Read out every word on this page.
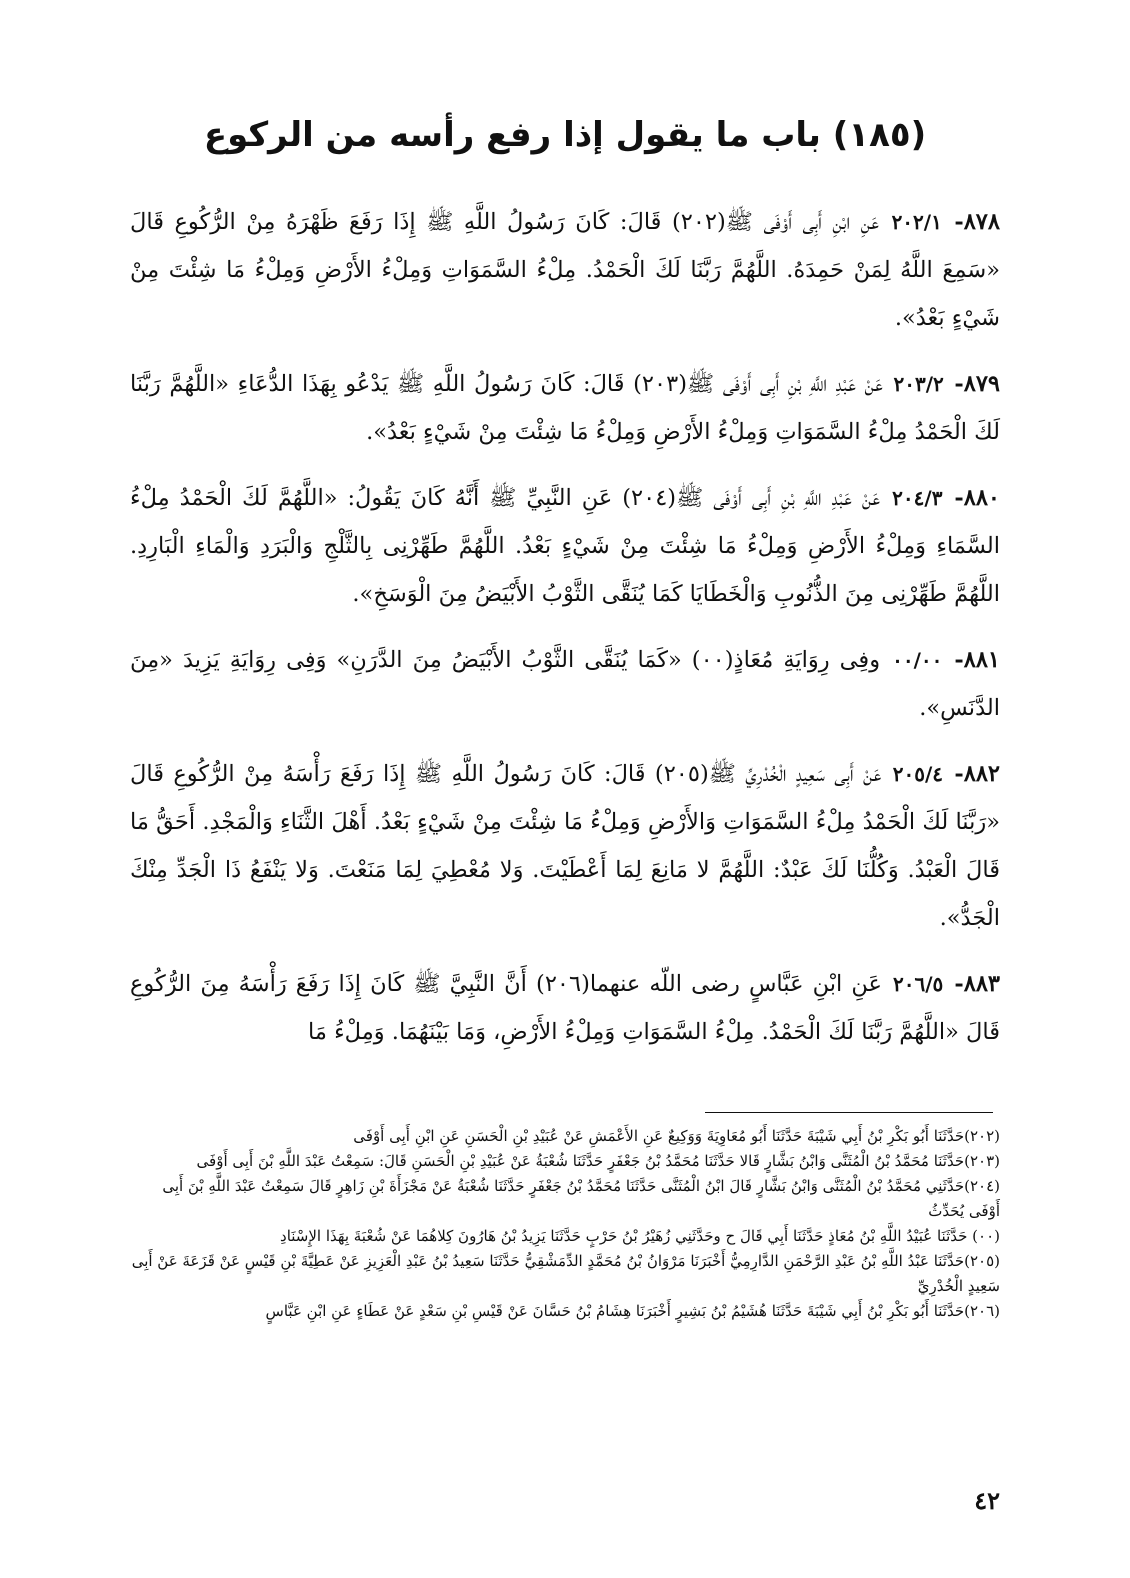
(١٨٥) باب ما يقول إذا رفع رأسه من الركوع

٨٧٨- ٢٠٢/١ عَنِ ابْنِ أَبِى أَوْفَى ﷺ(٢٠٢) قَالَ: كَانَ رَسُولُ اللَّهِ ﷺ إِذَا رَفَعَ ظَهْرَهُ مِنْ الرُّكُوعِ قَالَ «سَمِعَ اللَّهُ لِمَنْ حَمِدَهُ. اللَّهُمَّ رَبَّنَا لَكَ الْحَمْدُ. مِلْءُ السَّمَوَاتِ وَمِلْءُ الأَرْضِ وَمِلْءُ مَا شِئْتَ مِنْ شَيْءٍ بَعْدُ».

٨٧٩- ٢٠٣/٢ عَنْ عَبْدِ اللَّهِ بْنِ أَبِى أَوْفَى ﷺ(٢٠٣) قَالَ: كَانَ رَسُولُ اللَّهِ ﷺ يَدْعُو بِهَذَا الدُّعَاءِ «اللَّهُمَّ رَبَّنَا لَكَ الْحَمْدُ مِلْءُ السَّمَوَاتِ وَمِلْءُ الأَرْضِ وَمِلْءُ مَا شِئْتَ مِنْ شَيْءٍ بَعْدُ».

٨٨٠- ٢٠٤/٣ عَنْ عَبْدِ اللَّهِ بْنِ أَبِى أَوْفَى ﷺ(٢٠٤) عَنِ النَّبِيِّ ﷺ أَنَّهُ كَانَ يَقُولُ: «اللَّهُمَّ لَكَ الْحَمْدُ مِلْءُ السَّمَاءِ وَمِلْءُ الأَرْضِ وَمِلْءُ مَا شِئْتَ مِنْ شَيْءٍ بَعْدُ. اللَّهُمَّ طَهِّرْنِى بِالثَّلْجِ وَالْبَرَدِ وَالْمَاءِ الْبَارِدِ. اللَّهُمَّ طَهِّرْنِى مِنَ الذُّنُوبِ وَالْخَطَايَا كَمَا يُنَقَّى الثَّوْبُ الأَبْيَضُ مِنَ الْوَسَخِ».

٨٨١- ٠٠/٠٠ وفِى رِوَايَةِ مُعَاذٍ(٠٠) «كَمَا يُنَقَّى الثَّوْبُ الأَبْيَضُ مِنَ الدَّرَنِ» وَفِى رِوَايَةِ يَزِيدَ «مِنَ الدَّنَسِ».

٨٨٢- ٢٠٥/٤ عَنْ أَبِى سَعِيدٍ الْخُدْرِيِّ ﷺ(٢٠٥) قَالَ: كَانَ رَسُولُ اللَّهِ ﷺ إِذَا رَفَعَ رَأْسَهُ مِنْ الرُّكُوعِ قَالَ «رَبَّنَا لَكَ الْحَمْدُ مِلْءُ السَّمَوَاتِ وَالأَرْضِ وَمِلْءُ مَا شِئْتَ مِنْ شَيْءٍ بَعْدُ. أَهْلَ الثَّنَاءِ وَالْمَجْدِ. أَحَقُّ مَا قَالَ الْعَبْدُ. وَكُلُّنَا لَكَ عَبْدٌ: اللَّهُمَّ لا مَانِعَ لِمَا أَعْطَيْتَ. وَلا مُعْطِيَ لِمَا مَنَعْتَ. وَلا يَنْفَعُ ذَا الْجَدِّ مِنْكَ الْجَدُّ».

٨٨٣- ٢٠٦/٥ عَنِ ابْنِ عَبَّاسٍ رضى اللّه عنهما(٢٠٦) أَنَّ النَّبِيَّ ﷺ كَانَ إِذَا رَفَعَ رَأْسَهُ مِنَ الرُّكُوعِ قَالَ «اللَّهُمَّ رَبَّنَا لَكَ الْحَمْدُ. مِلْءُ السَّمَوَاتِ وَمِلْءُ الأَرْضِ، وَمَا بَيْنَهُمَا. وَمِلْءُ مَا

(٢٠٢)حَدَّثَنَا أَبُو بَكْرِ بْنُ أَبِي شَيْبَةَ حَدَّثَنَا أَبُو مُعَاوِيَةَ وَوَكِيعٌ عَنِ الأَعْمَشِ عَنْ عُبَيْدِ بْنِ الْحَسَنِ عَنِ ابْنِ أَبِى أَوْفَى

(٢٠٣)حَدَّثَنَا مُحَمَّدُ بْنُ الْمُثَنَّى وَابْنُ بَشَّارٍ قَالا حَدَّثَنَا مُحَمَّدُ بْنُ جَعْفَرٍ حَدَّثَنَا شُعْبَةُ عَنْ عُبَيْدِ بْنِ الْحَسَنِ قَالَ: سَمِعْتُ عَبْدَ اللَّهِ بْنَ أَبِى أَوْفَى

(٢٠٤)حَدَّثَنِي مُحَمَّدُ بْنُ الْمُثَنَّى وَابْنُ بَشَّارٍ قَالَ ابْنُ الْمُثَنَّى حَدَّثَنَا مُحَمَّدُ بْنُ جَعْفَرٍ حَدَّثَنَا شُعْبَةُ عَنْ مَجْزَأَةَ بْنِ زَاهِرٍ قَالَ سَمِعْتُ عَبْدَ اللَّهِ بْنَ أَبِى أَوْفَى يُحَدِّثُ

(٠٠) حَدَّثَنَا عُبَيْدُ اللَّهِ بْنُ مُعَاذٍ حَدَّثَنَا أَبِي قَالَ ح وحَدَّثَنِي زُهَيْرُ بْنُ حَرْبٍ حَدَّثَنَا يَزِيدُ بْنُ هَارُونَ كِلاهُمَا عَنْ شُعْبَةَ بِهَذَا الإِسْنَادِ

(٢٠٥)حَدَّثَنَا عَبْدُ اللَّهِ بْنُ عَبْدِ الرَّحْمَنِ الدَّارِمِيُّ أَخْبَرَنَا مَرْوَانُ بْنُ مُحَمَّدٍ الدِّمَشْقِيُّ حَدَّثَنَا سَعِيدُ بْنُ عَبْدِ الْعَزِيزِ عَنْ عَطِيَّةَ بْنِ قَيْسٍ عَنْ قَزَعَةَ عَنْ أَبِى سَعِيدٍ الْخُدْرِيِّ

(٢٠٦)حَدَّثَنَا أَبُو بَكْرِ بْنُ أَبِي شَيْبَةَ حَدَّثَنَا هُشَيْمُ بْنُ بَشِيرٍ أَخْبَرَنَا هِشَامُ بْنُ حَسَّانَ عَنْ قَيْسِ بْنِ سَعْدٍ عَنْ عَطَاءٍ عَنِ ابْنِ عَبَّاسٍ

٤٢
